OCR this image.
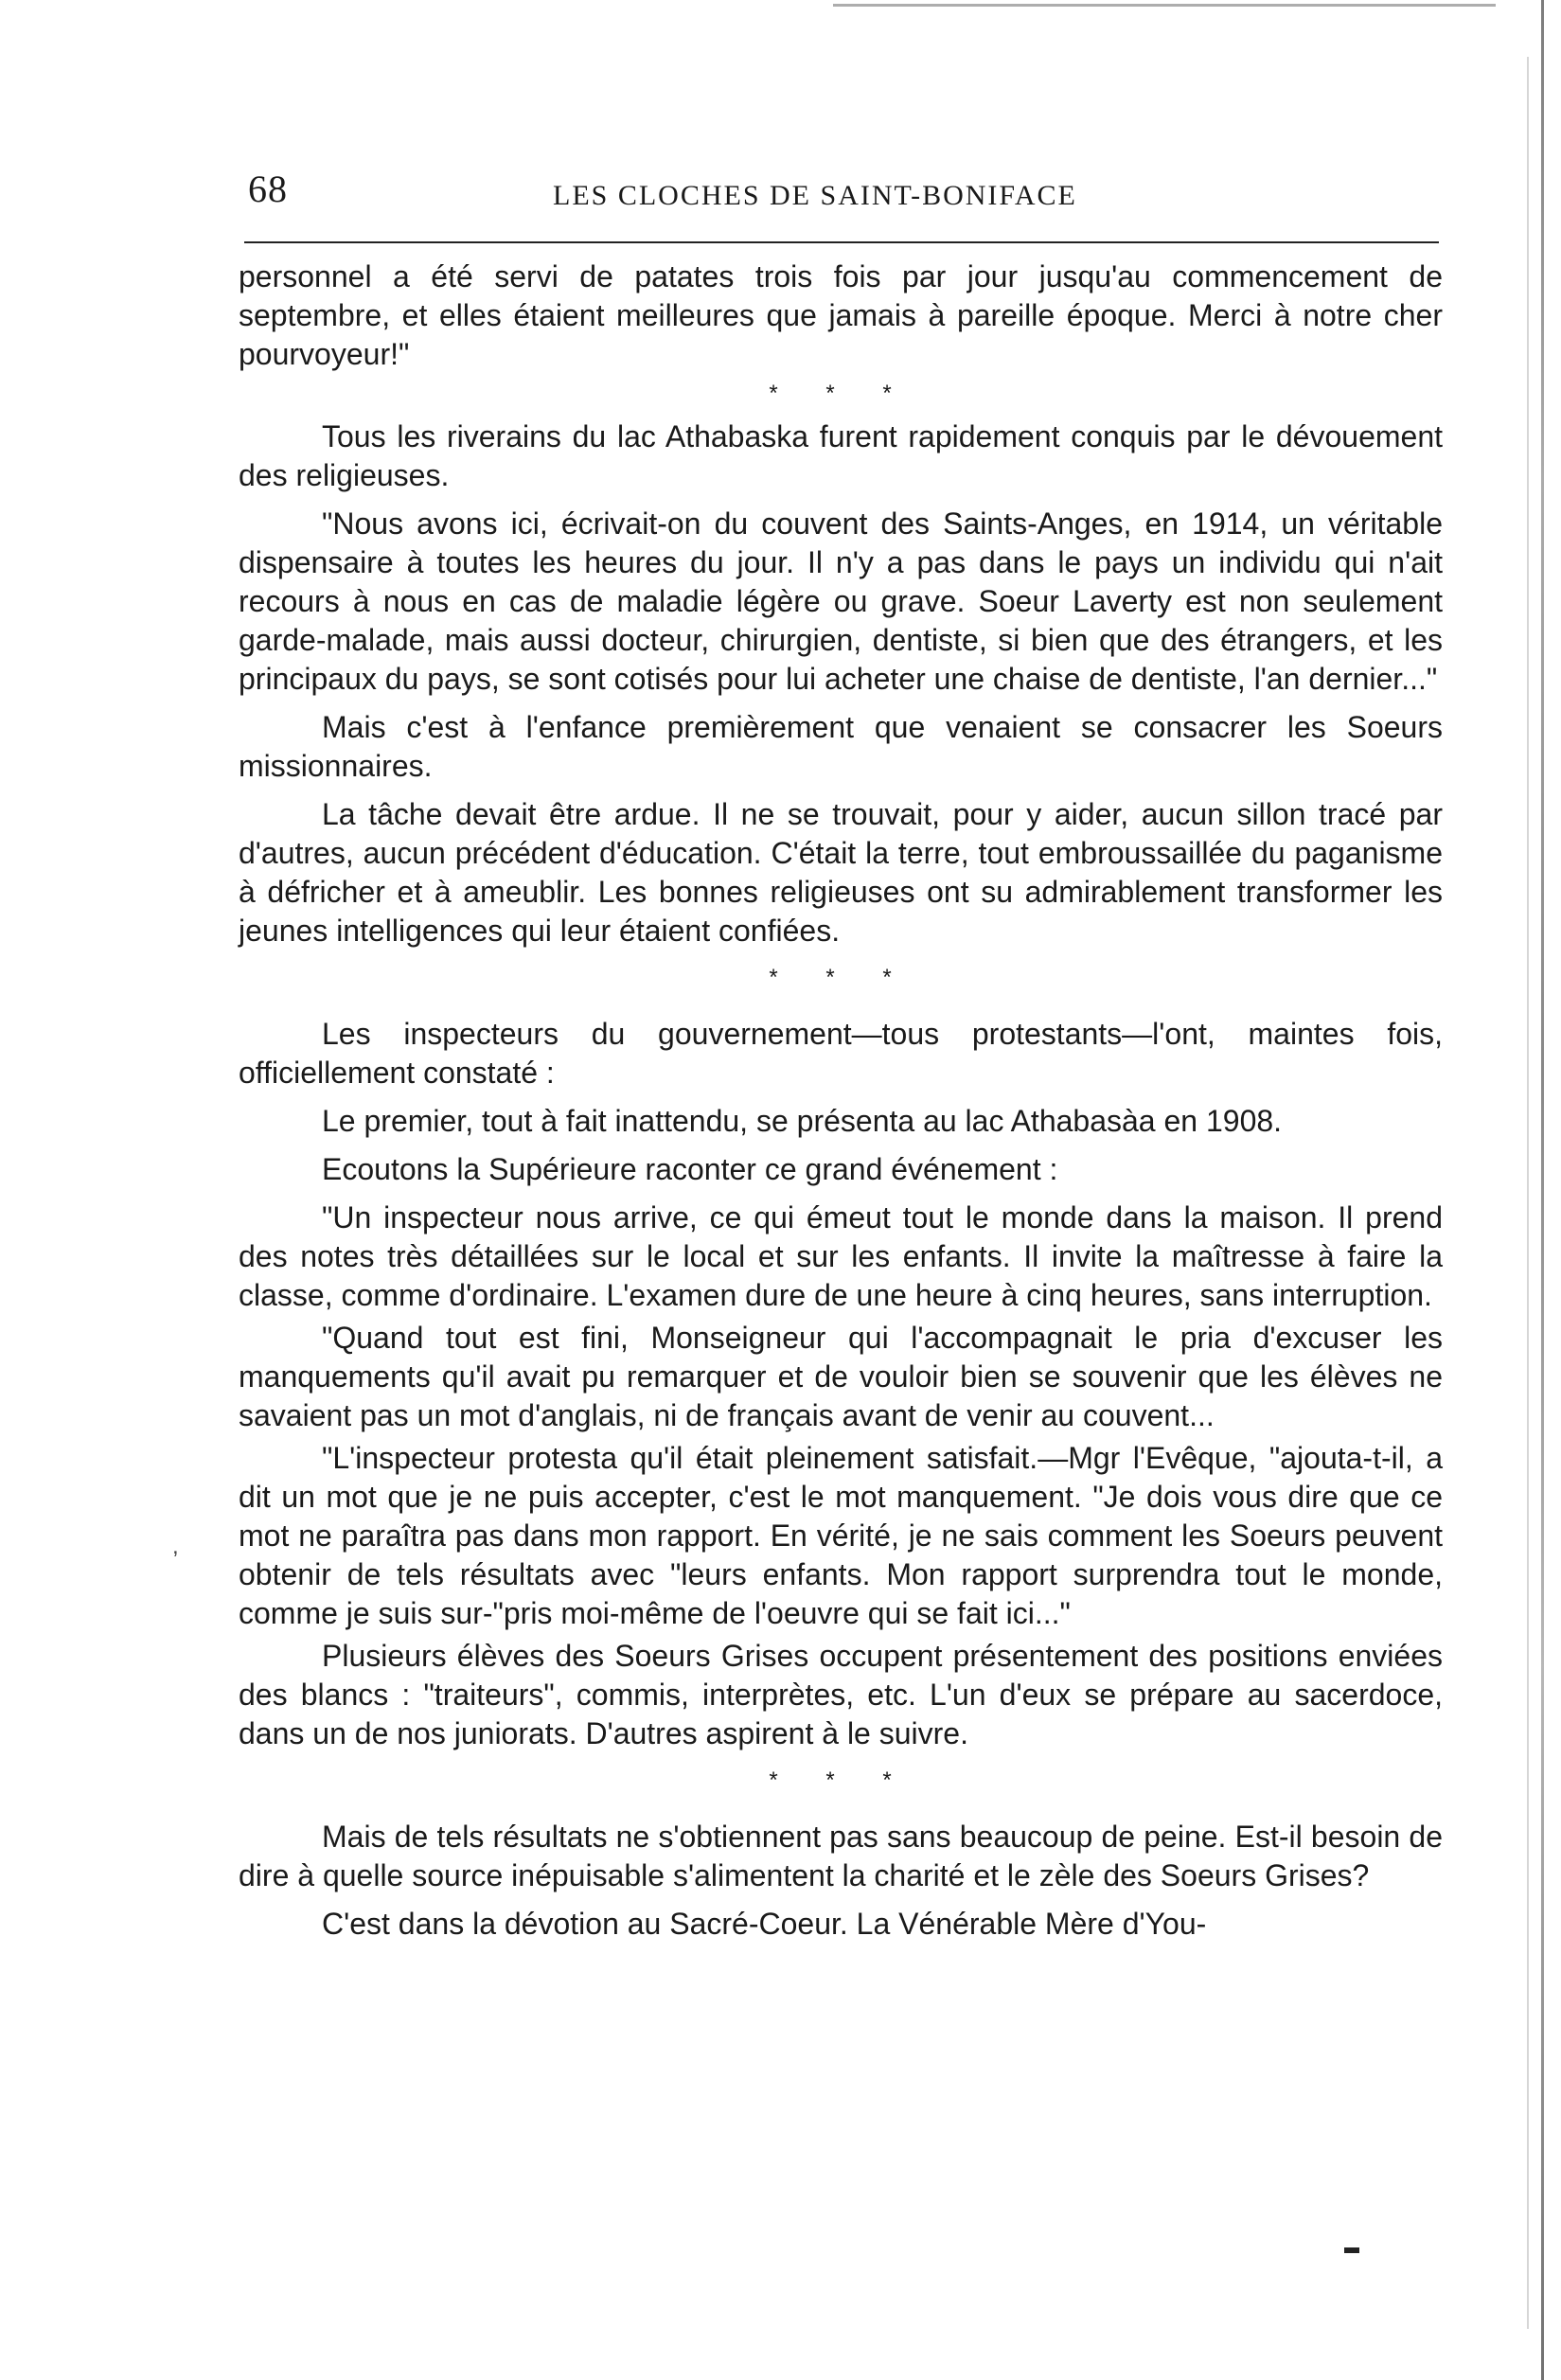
68	LES CLOCHES DE SAINT-BONIFACE

personnel a été servi de patates trois fois par jour jusqu'au commencement de septembre, et elles étaient meilleures que jamais à pareille époque. Merci à notre cher pourvoyeur!"

* * *

Tous les riverains du lac Athabaska furent rapidement conquis par le dévouement des religieuses.

"Nous avons ici, écrivait-on du couvent des Saints-Anges, en 1914, un véritable dispensaire à toutes les heures du jour. Il n'y a pas dans le pays un individu qui n'ait recours à nous en cas de maladie légère ou grave. Soeur Laverty est non seulement garde-malade, mais aussi docteur, chirurgien, dentiste, si bien que des étrangers, et les principaux du pays, se sont cotisés pour lui acheter une chaise de dentiste, l'an dernier..."

Mais c'est à l'enfance premièrement que venaient se consacrer les Soeurs missionnaires.

La tâche devait être ardue. Il ne se trouvait, pour y aider, aucun sillon tracé par d'autres, aucun précédent d'éducation. C'était la terre, tout embroussaillée du paganisme à défricher et à ameublir. Les bonnes religieuses ont su admirablement transformer les jeunes intelligences qui leur étaient confiées.

* * *

Les inspecteurs du gouvernement—tous protestants—l'ont, maintes fois, officiellement constaté :

Le premier, tout à fait inattendu, se présenta au lac Athabasàa en 1908.

Ecoutons la Supérieure raconter ce grand événement :

"Un inspecteur nous arrive, ce qui émeut tout le monde dans la maison. Il prend des notes très détaillées sur le local et sur les enfants. Il invite la maîtresse à faire la classe, comme d'ordinaire. L'examen dure de une heure à cinq heures, sans interruption.

"Quand tout est fini, Monseigneur qui l'accompagnait le pria d'excuser les manquements qu'il avait pu remarquer et de vouloir bien se souvenir que les élèves ne savaient pas un mot d'anglais, ni de français avant de venir au couvent...

"L'inspecteur protesta qu'il était pleinement satisfait.—Mgr l'Evêque, "ajouta-t-il, a dit un mot que je ne puis accepter, c'est le mot manquement. "Je dois vous dire que ce mot ne paraîtra pas dans mon rapport. En vérité, je ne sais comment les Soeurs peuvent obtenir de tels résultats avec "leurs enfants. Mon rapport surprendra tout le monde, comme je suis sur-"pris moi-même de l'oeuvre qui se fait ici..."

Plusieurs élèves des Soeurs Grises occupent présentement des positions enviées des blancs : "traiteurs", commis, interprètes, etc. L'un d'eux se prépare au sacerdoce, dans un de nos juniorats. D'autres aspirent à le suivre.

* * *

Mais de tels résultats ne s'obtiennent pas sans beaucoup de peine. Est-il besoin de dire à quelle source inépuisable s'alimentent la charité et le zèle des Soeurs Grises?

C'est dans la dévotion au Sacré-Coeur. La Vénérable Mère d'You-

,
